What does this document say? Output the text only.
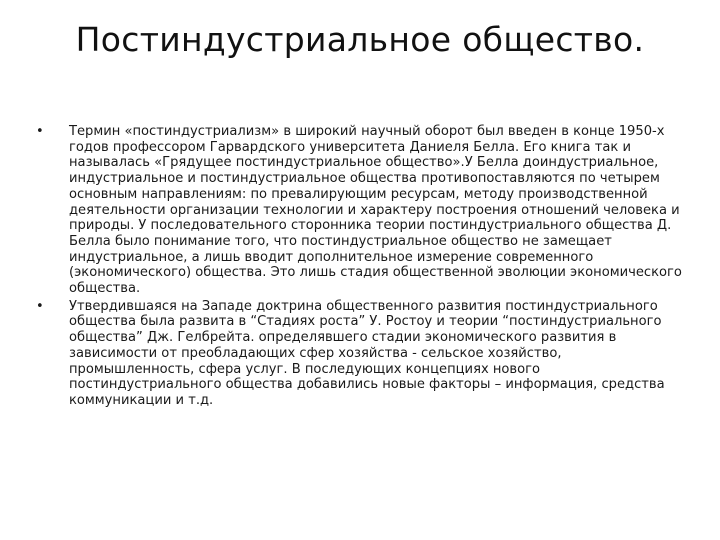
Постиндустриальное общество.
• Термин «постиндустриализм» в широкий научный оборот был введен в конце 1950-х годов профессором Гарвардского университета Даниеля Белла. Его книга так и называлась «Грядущее постиндустриальное общество».У Белла доиндустриальное, индустриальное и постиндустриальное общества противопоставляются по четырем основным направлениям: по превалирующим ресурсам, методу производственной деятельности организации технологии и характеру построения отношений человека и природы. У последовательного сторонника теории постиндустриального общества Д. Белла было понимание того, что постиндустриальное общество не замещает индустриальное, а лишь вводит дополнительное измерение современного (экономического) общества. Это лишь стадия общественной эволюции экономического общества.
• Утвердившаяся на Западе доктрина общественного развития постиндустриального общества была развита в “Стадиях роста” У. Ростоу и теории “постиндустриального общества” Дж. Гелбрейта. определявшего стадии экономического развития в зависимости от преобладающих сфер хозяйства - сельское хозяйство, промышленность, сфера услуг. В последующих концепциях нового постиндустриального общества добавились новые факторы – информация, средства коммуникации и т.д.
